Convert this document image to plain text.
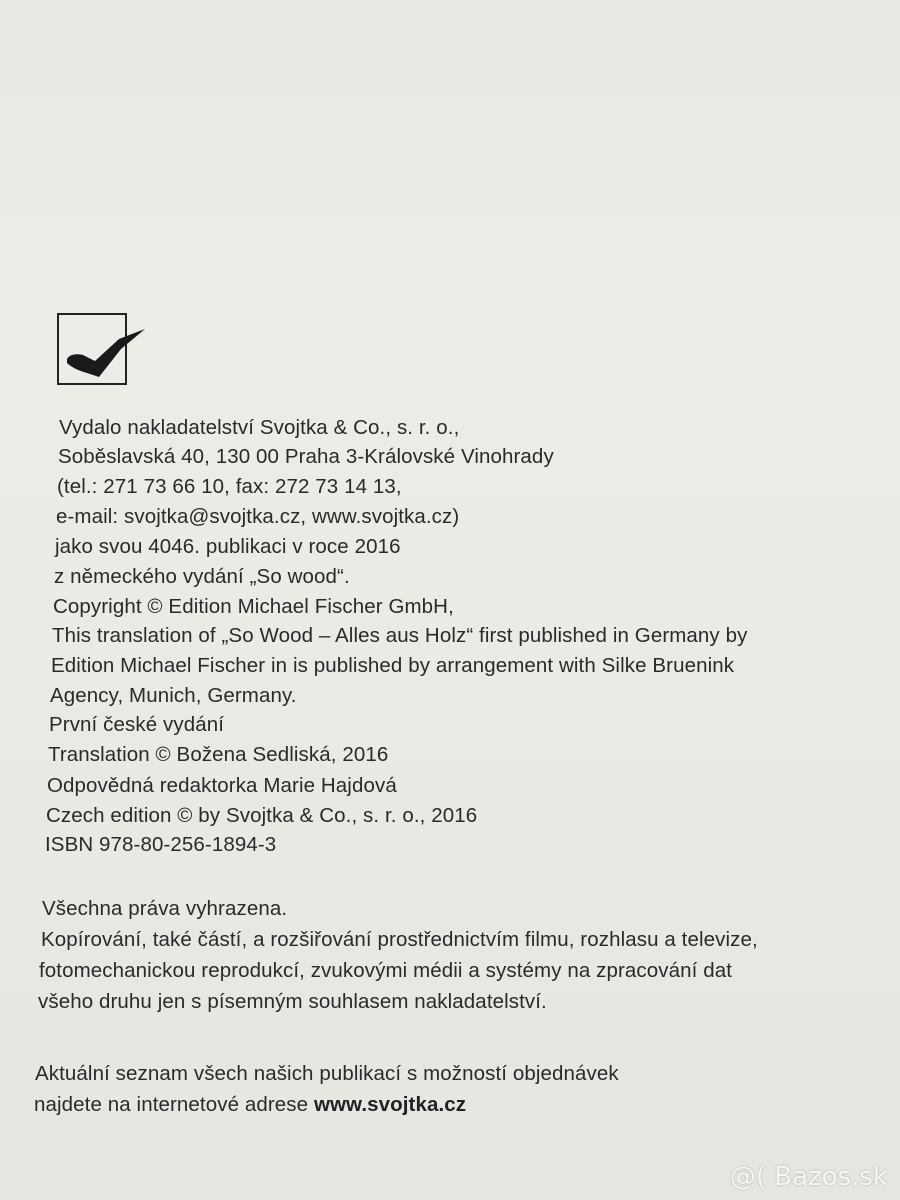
Vydalo nakladatelství Svojtka & Co., s. r. o.,
Soběslavská 40, 130 00 Praha 3-Královské Vinohrady
(tel.: 271 73 66 10, fax: 272 73 14 13,
e-mail: svojtka@svojtka.cz, www.svojtka.cz)
jako svou 4046. publikaci v roce 2016
z německého vydání „So wood“.
Copyright © Edition Michael Fischer GmbH,
This translation of „So Wood – Alles aus Holz“ first published in Germany by
Edition Michael Fischer in is published by arrangement with Silke Bruenink
Agency, Munich, Germany.
První české vydání
Translation © Božena Sedliská, 2016
Odpovědná redaktorka Marie Hajdová
Czech edition © by Svojtka & Co., s. r. o., 2016
ISBN 978-80-256-1894-3
Všechna práva vyhrazena.
Kopírování, také částí, a rozšiřování prostřednictvím filmu, rozhlasu a televize,
fotomechanickou reprodukcí, zvukovými médii a systémy na zpracování dat
všeho druhu jen s písemným souhlasem nakladatelství.
Aktuální seznam všech našich publikací s možností objednávek
najdete na internetové adrese www.svojtka.cz
@( Bazos.sk
